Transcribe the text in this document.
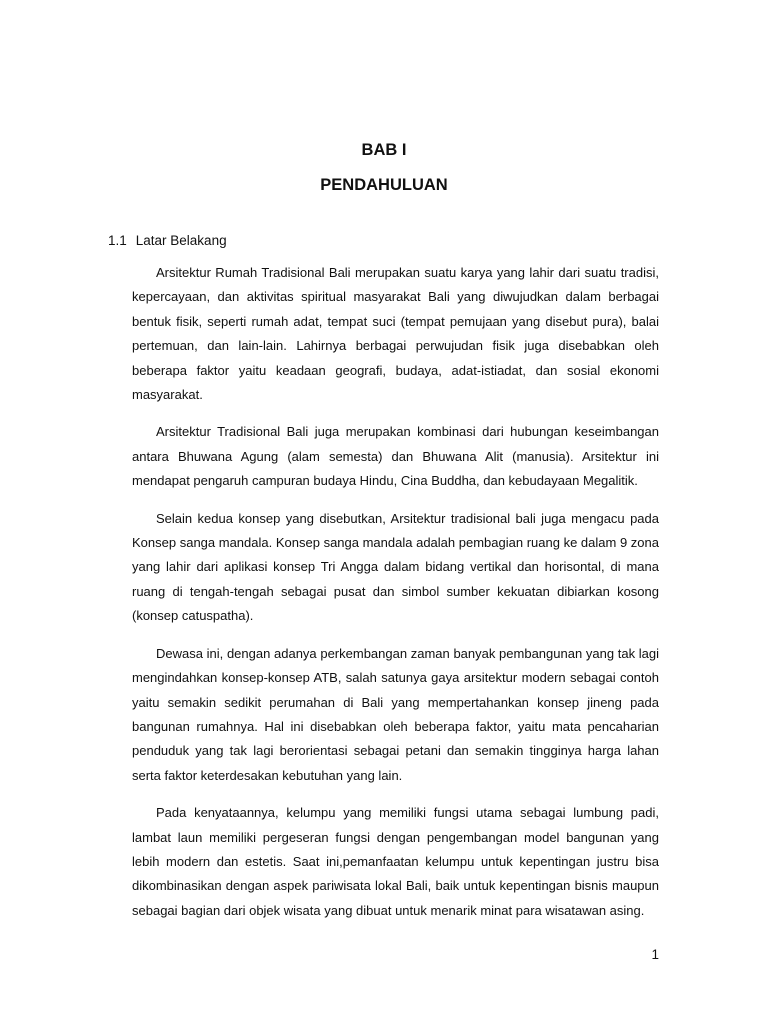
BAB I
PENDAHULUAN
1.1 Latar Belakang

Arsitektur Rumah Tradisional Bali merupakan suatu karya yang lahir dari suatu tradisi, kepercayaan, dan aktivitas spiritual masyarakat Bali yang diwujudkan dalam berbagai bentuk fisik, seperti rumah adat, tempat suci (tempat pemujaan yang disebut pura), balai pertemuan, dan lain-lain. Lahirnya berbagai perwujudan fisik juga disebabkan oleh beberapa faktor yaitu keadaan geografi, budaya, adat-istiadat, dan sosial ekonomi masyarakat.

Arsitektur Tradisional Bali juga merupakan kombinasi dari hubungan keseimbangan antara Bhuwana Agung (alam semesta) dan Bhuwana Alit (manusia). Arsitektur ini mendapat pengaruh campuran budaya Hindu, Cina Buddha, dan kebudayaan Megalitik.

Selain kedua konsep yang disebutkan, Arsitektur tradisional bali juga mengacu pada Konsep sanga mandala. Konsep sanga mandala adalah pembagian ruang ke dalam 9 zona yang lahir dari aplikasi konsep Tri Angga dalam bidang vertikal dan horisontal, di mana ruang di tengah-tengah sebagai pusat dan simbol sumber kekuatan dibiarkan kosong (konsep catuspatha).

Dewasa ini, dengan adanya perkembangan zaman banyak pembangunan yang tak lagi mengindahkan konsep-konsep ATB, salah satunya gaya arsitektur modern sebagai contoh yaitu semakin sedikit perumahan di Bali yang mempertahankan konsep jineng pada bangunan rumahnya. Hal ini disebabkan oleh beberapa faktor, yaitu mata pencaharian penduduk yang tak lagi berorientasi sebagai petani dan semakin tingginya harga lahan serta faktor keterdesakan kebutuhan yang lain.

Pada kenyataannya, kelumpu yang memiliki fungsi utama sebagai lumbung padi, lambat laun memiliki pergeseran fungsi dengan pengembangan model bangunan yang lebih modern dan estetis. Saat ini,pemanfaatan kelumpu untuk kepentingan justru bisa dikombinasikan dengan aspek pariwisata lokal Bali, baik untuk kepentingan bisnis maupun sebagai bagian dari objek wisata yang dibuat untuk menarik minat para wisatawan asing.

1
